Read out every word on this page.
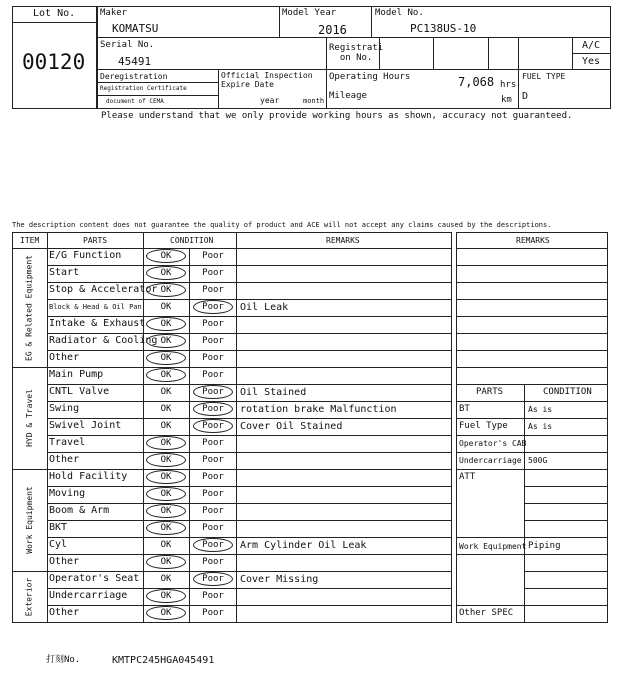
Lot No.
00120
Maker
KOMATSU
Model Year
2016
Model No.
PC138US-10
Serial No.
45491
Registrati
on No.
A/C
Yes
Deregistration
Registration Certificate
document of CEMA
Official Inspection
Expire Date
year	month
Operating Hours	7,068 hrs
Mileage	km
FUEL TYPE
D
Please understand that we only provide working hours as shown, accuracy not guaranteed.
The description content does not guarantee the quality of product and ACE will not accept any claims caused by the descriptions.
ITEM	PARTS	CONDITION	REMARKS
E/G Function	OK	Poor
Start	OK	Poor
Stop & Accelerator OK	Poor
Block & Head & Oil Pan	OK	Poor	Oil Leak
Intake & Exhaust	OK	Poor
Radiator & Cooling OK	Poor
Other	OK	Poor
EG & Related Equipment
Main Pump	OK	Poor
CNTL Valve	OK	Poor	Oil Stained
Swing	OK	Poor	rotation brake Malfunction
Swivel Joint	OK	Poor	Cover Oil Stained
Travel	OK	Poor
Other	OK	Poor
HYD & Travel
Hold Facility	OK	Poor
Moving	OK	Poor
Boom & Arm	OK	Poor
BKT	OK	Poor
Cyl	OK	Poor	Arm Cylinder Oil Leak
Other	OK	Poor
Work Equipment
Operator's Seat	OK	Poor	Cover Missing
Undercarriage	OK	Poor
Other	OK	Poor
Exterior
REMARKS
PARTS	CONDITION
BT	As is
Fuel Type	As is
Operator's CAB
Undercarriage 500G
ATT
Work Equipment Piping
Other SPEC
打刻No.	KMTPC245HGA045491
